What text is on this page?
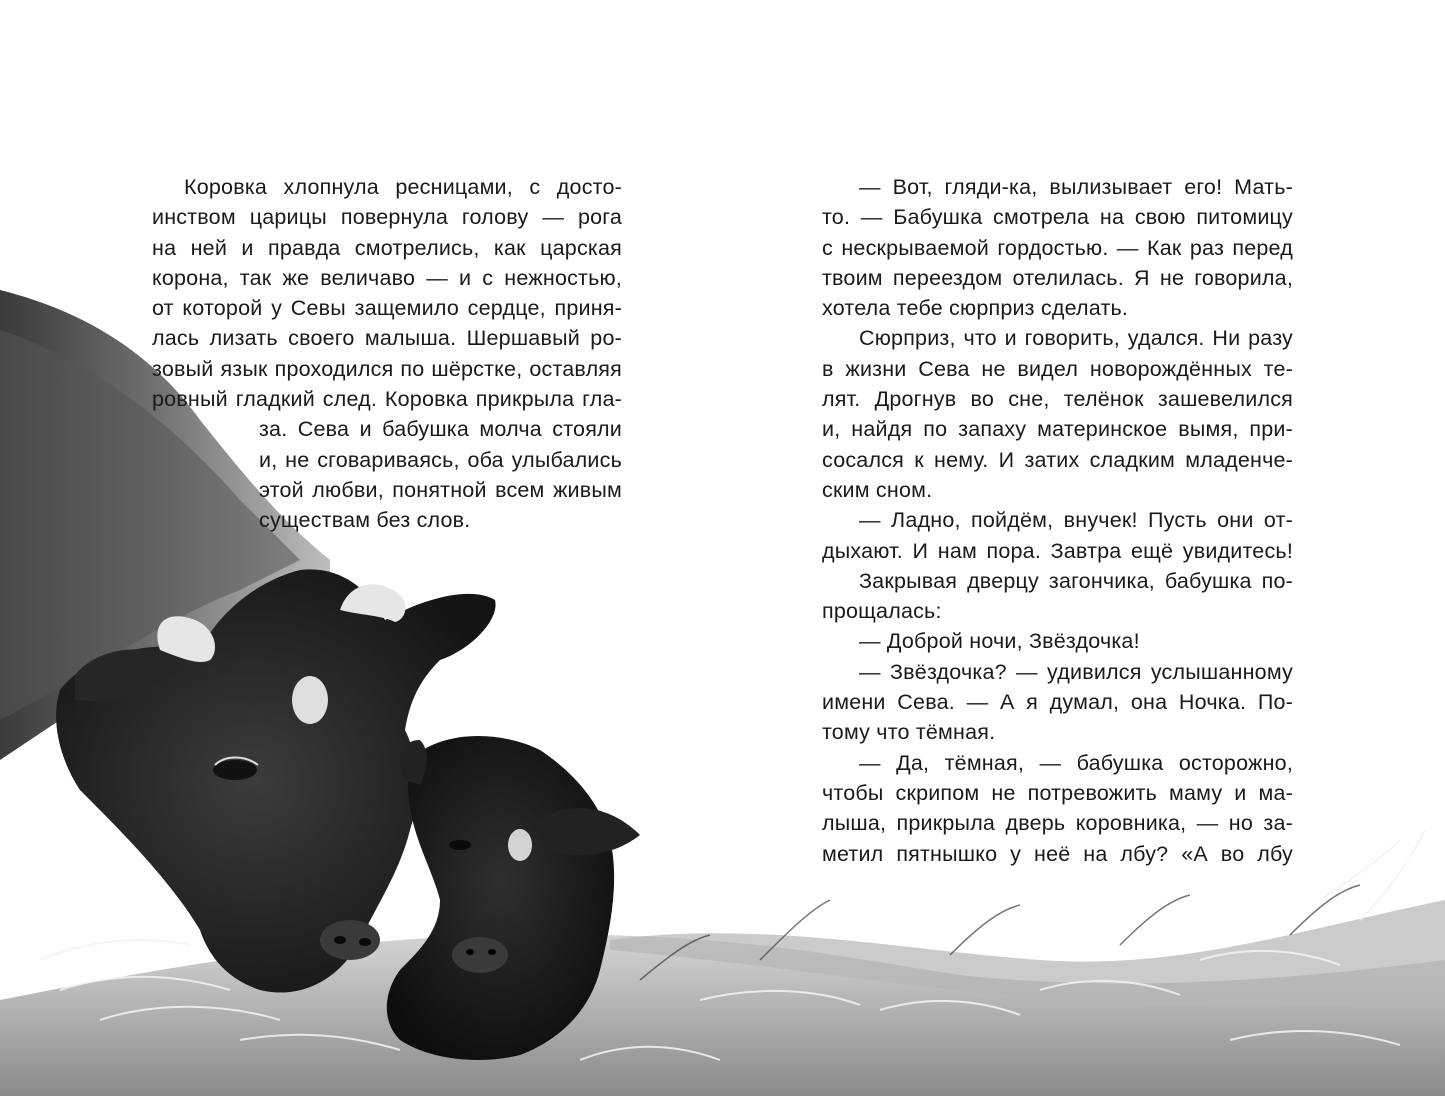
Коровка хлопнула ресницами, с досто-
инством царицы повернула голову — рога
на ней и правда смотрелись, как царская
корона, так же величаво — и с нежностью,
от которой у Севы защемило сердце, приня-
лась лизать своего малыша. Шершавый ро-
зовый язык проходился по шёрстке, оставляя
ровный гладкий след. Коровка прикрыла гла-
за. Сева и бабушка молча стояли
и, не сговариваясь, оба улыбались
этой любви, понятной всем живым
существам без слов.
— Вот, гляди-ка, вылизывает его! Мать-
то. — Бабушка смотрела на свою питомицу
с нескрываемой гордостью. — Как раз перед
твоим переездом отелилась. Я не говорила,
хотела тебе сюрприз сделать.
Сюрприз, что и говорить, удался. Ни разу
в жизни Сева не видел новорождённых те-
лят. Дрогнув во сне, телёнок зашевелился
и, найдя по запаху материнское вымя, при-
сосался к нему. И затих сладким младенче-
ским сном.
— Ладно, пойдём, внучек! Пусть они от-
дыхают. И нам пора. Завтра ещё увидитесь!
Закрывая дверцу загончика, бабушка по-
прощалась:
— Доброй ночи, Звёздочка!
— Звёздочка? — удивился услышанному
имени Сева. — А я думал, она Ночка. По-
тому что тёмная.
— Да, тёмная, — бабушка осторожно,
чтобы скрипом не потревожить маму и ма-
лыша, прикрыла дверь коровника, — но за-
метил пятнышко у неё на лбу? «А во лбу
